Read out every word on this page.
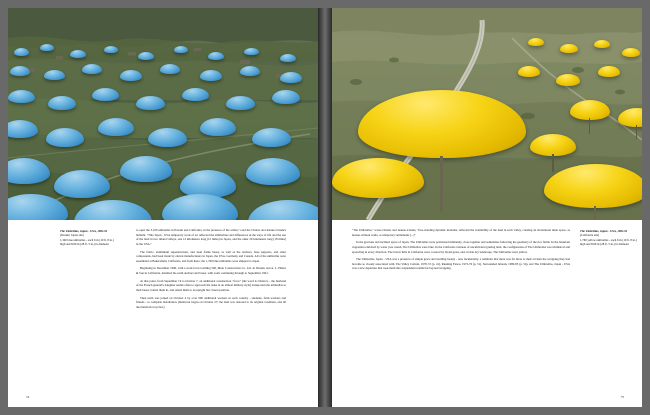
The Umbrellas, Japan - USA, 1984-91
(Ibaraki, Japan site)
1,340 blue umbrellas - each 6 m (19 ft. 8 in.)
high and 8.66 m (28 ft. 5 in.) in diameter

to open the 3,100 umbrellas in Ibaraki and California, in the presence of the artists," read the Christo and Jeanne-Claude's bulletin. "This Japan - USA temporary work of art reflected the similarities and differences in the ways of life and the use of the land in two inland valleys, one 12 kilometers long (12 miles) in Japan, and the other 29 kilometers long (18 miles) in the USA."

The fabric, aluminium superstructure, and steel frame bases, as well as the anchors, base supports, and other components, had been made by eleven manufacturers in Japan, the USA, Germany and Canada. All of the umbrellas were assembled at Bakersfield, California, and from there, the 1,760 blue umbrellas were shipped to Japan.

Beginning in December 1990, with a work force totalling 500, Muto Construction Co. Ltd. in Ibaraki, and A. L. Huber & Son in California, installed the earth anchors and bases, with work continuing through to September 1991.

At that point, from September 19 to October 7, an additional construction "force" (the word is Christo's - the husband of the French general's daughter seems often to approach his tasks in an almost military style) transported the umbrellas to their bases, bolted them in, and raised them to an upright but closed position.

Then team was joined on October 4 by over 900 additional workers in each country - students, farm workers and friends - to complete installation. (Removal began on October 27; the land was restored to its original condition, and all the materials recycled.)

74
The Umbrellas, Japan - USA, 1984-91
(California site)
1,760 yellow umbrellas - each 6 m (19 ft. 8 in.)
high and 8.66 m (28 ft. 5 in.) in diameter

"The Umbrellas," wrote Christo and Jeanne-Claude, "free-standing dynamic modules, reflected the availability of the land in each valley, creating an invitational inner space, as houses without walls, or temporary settlements [...]"

In the gracious and inclined space of Japan, The Umbrellas were positioned intimately, close together and sometimes following the geometry of the rice fields. In the luxuriant vegetation enriched by water year round, The Umbrellas were blue. In the California vastness of uncultivated grazing land, the configuration of The Umbrellas was whimsical and sprawling in every direction. The brown hills in California were covered by blond grass, and, in that dry landscape, The Umbrellas were yellow.

The Umbrellas, Japan - USA was a presence of simple grace and startling beauty - and, incidentally, a reminder that there was far more to their art than the wrapping they had become so closely associated with. The Valley Curtain, 1970-72 (p. 41), Running Fence, 1972-76 (p. 51), Surrounded Islands, 1980-83 (p. 54), and The Umbrellas, Japan - USA was a new departure that took them into resplendent realms far beyond wrapping.

75
